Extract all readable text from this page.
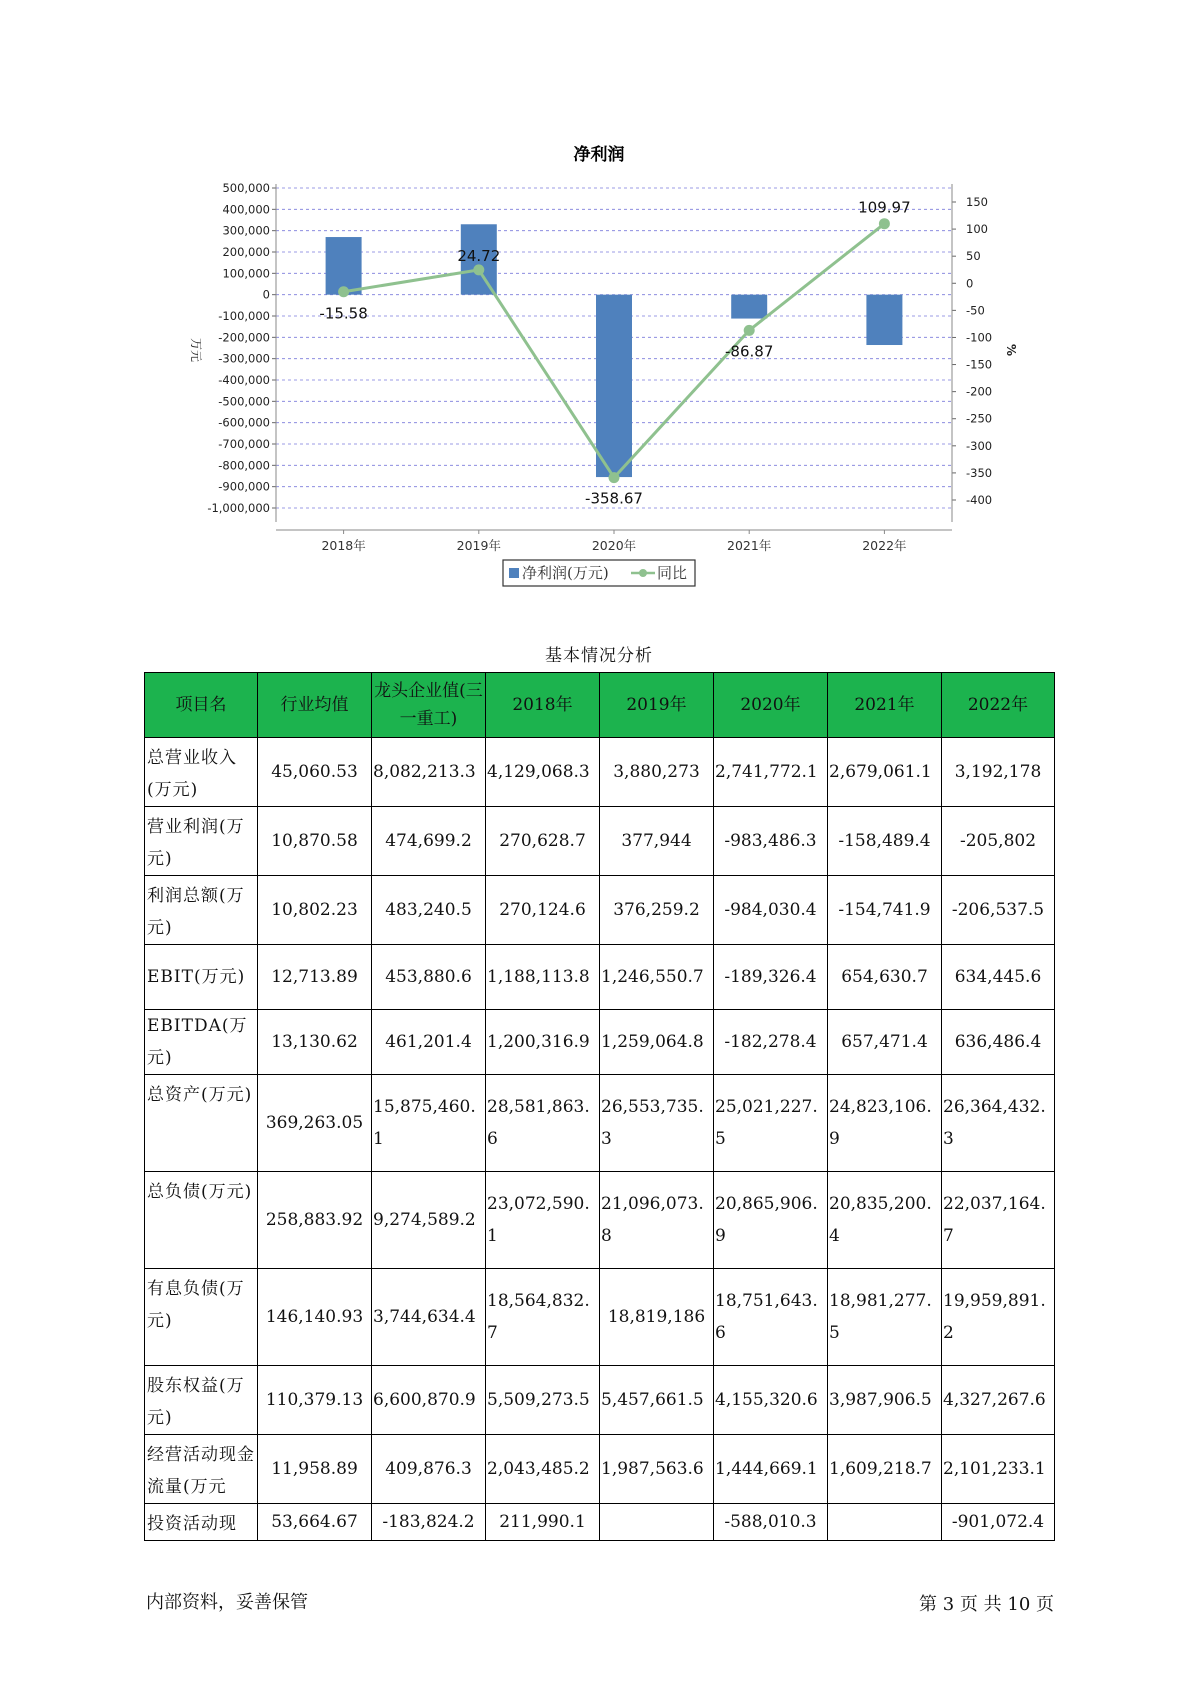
净利润
500,000
400,000
300,000
200,000
100,000
0
-100,000
-200,000
-300,000
-400,000
-500,000
-600,000
-700,000
-800,000
-900,000
-1,000,000
150
100
50
0
-50
-100
-150
-200
-250
-300
-350
-400
万元	%
2018年	2019年	2020年	2021年	2022年
-15.58
24.72
-358.67
-86.87
109.97
净利润(万元)	同比
基本情况分析
项目名	行业均值	龙头企业值(三一重工)	2018年	2019年	2020年	2021年	2022年
总营业收入(万元)	45,060.53	8,082,213.3	4,129,068.3	3,880,273	2,741,772.1	2,679,061.1	3,192,178
营业利润(万元)	10,870.58	474,699.2	270,628.7	377,944	-983,486.3	-158,489.4	-205,802
利润总额(万元)	10,802.23	483,240.5	270,124.6	376,259.2	-984,030.4	-154,741.9	-206,537.5
EBIT(万元)	12,713.89	453,880.6	1,188,113.8	1,246,550.7	-189,326.4	654,630.7	634,445.6
EBITDA(万元)	13,130.62	461,201.4	1,200,316.9	1,259,064.8	-182,278.4	657,471.4	636,486.4
总资产(万元)	369,263.05	15,875,460.1	28,581,863.6	26,553,735.3	25,021,227.5	24,823,106.9	26,364,432.3
总负债(万元)	258,883.92	9,274,589.2	23,072,590.1	21,096,073.8	20,865,906.9	20,835,200.4	22,037,164.7
有息负债(万元)	146,140.93	3,744,634.4	18,564,832.7	18,819,186	18,751,643.6	18,981,277.5	19,959,891.2
股东权益(万元)	110,379.13	6,600,870.9	5,509,273.5	5,457,661.5	4,155,320.6	3,987,906.5	4,327,267.6
经营活动现金流量(万元	11,958.89	409,876.3	2,043,485.2	1,987,563.6	1,444,669.1	1,609,218.7	2,101,233.1
投资活动现	53,664.67	-183,824.2	211,990.1		-588,010.3		-901,072.4
内部资料，妥善保管	第 3 页 共 10 页
